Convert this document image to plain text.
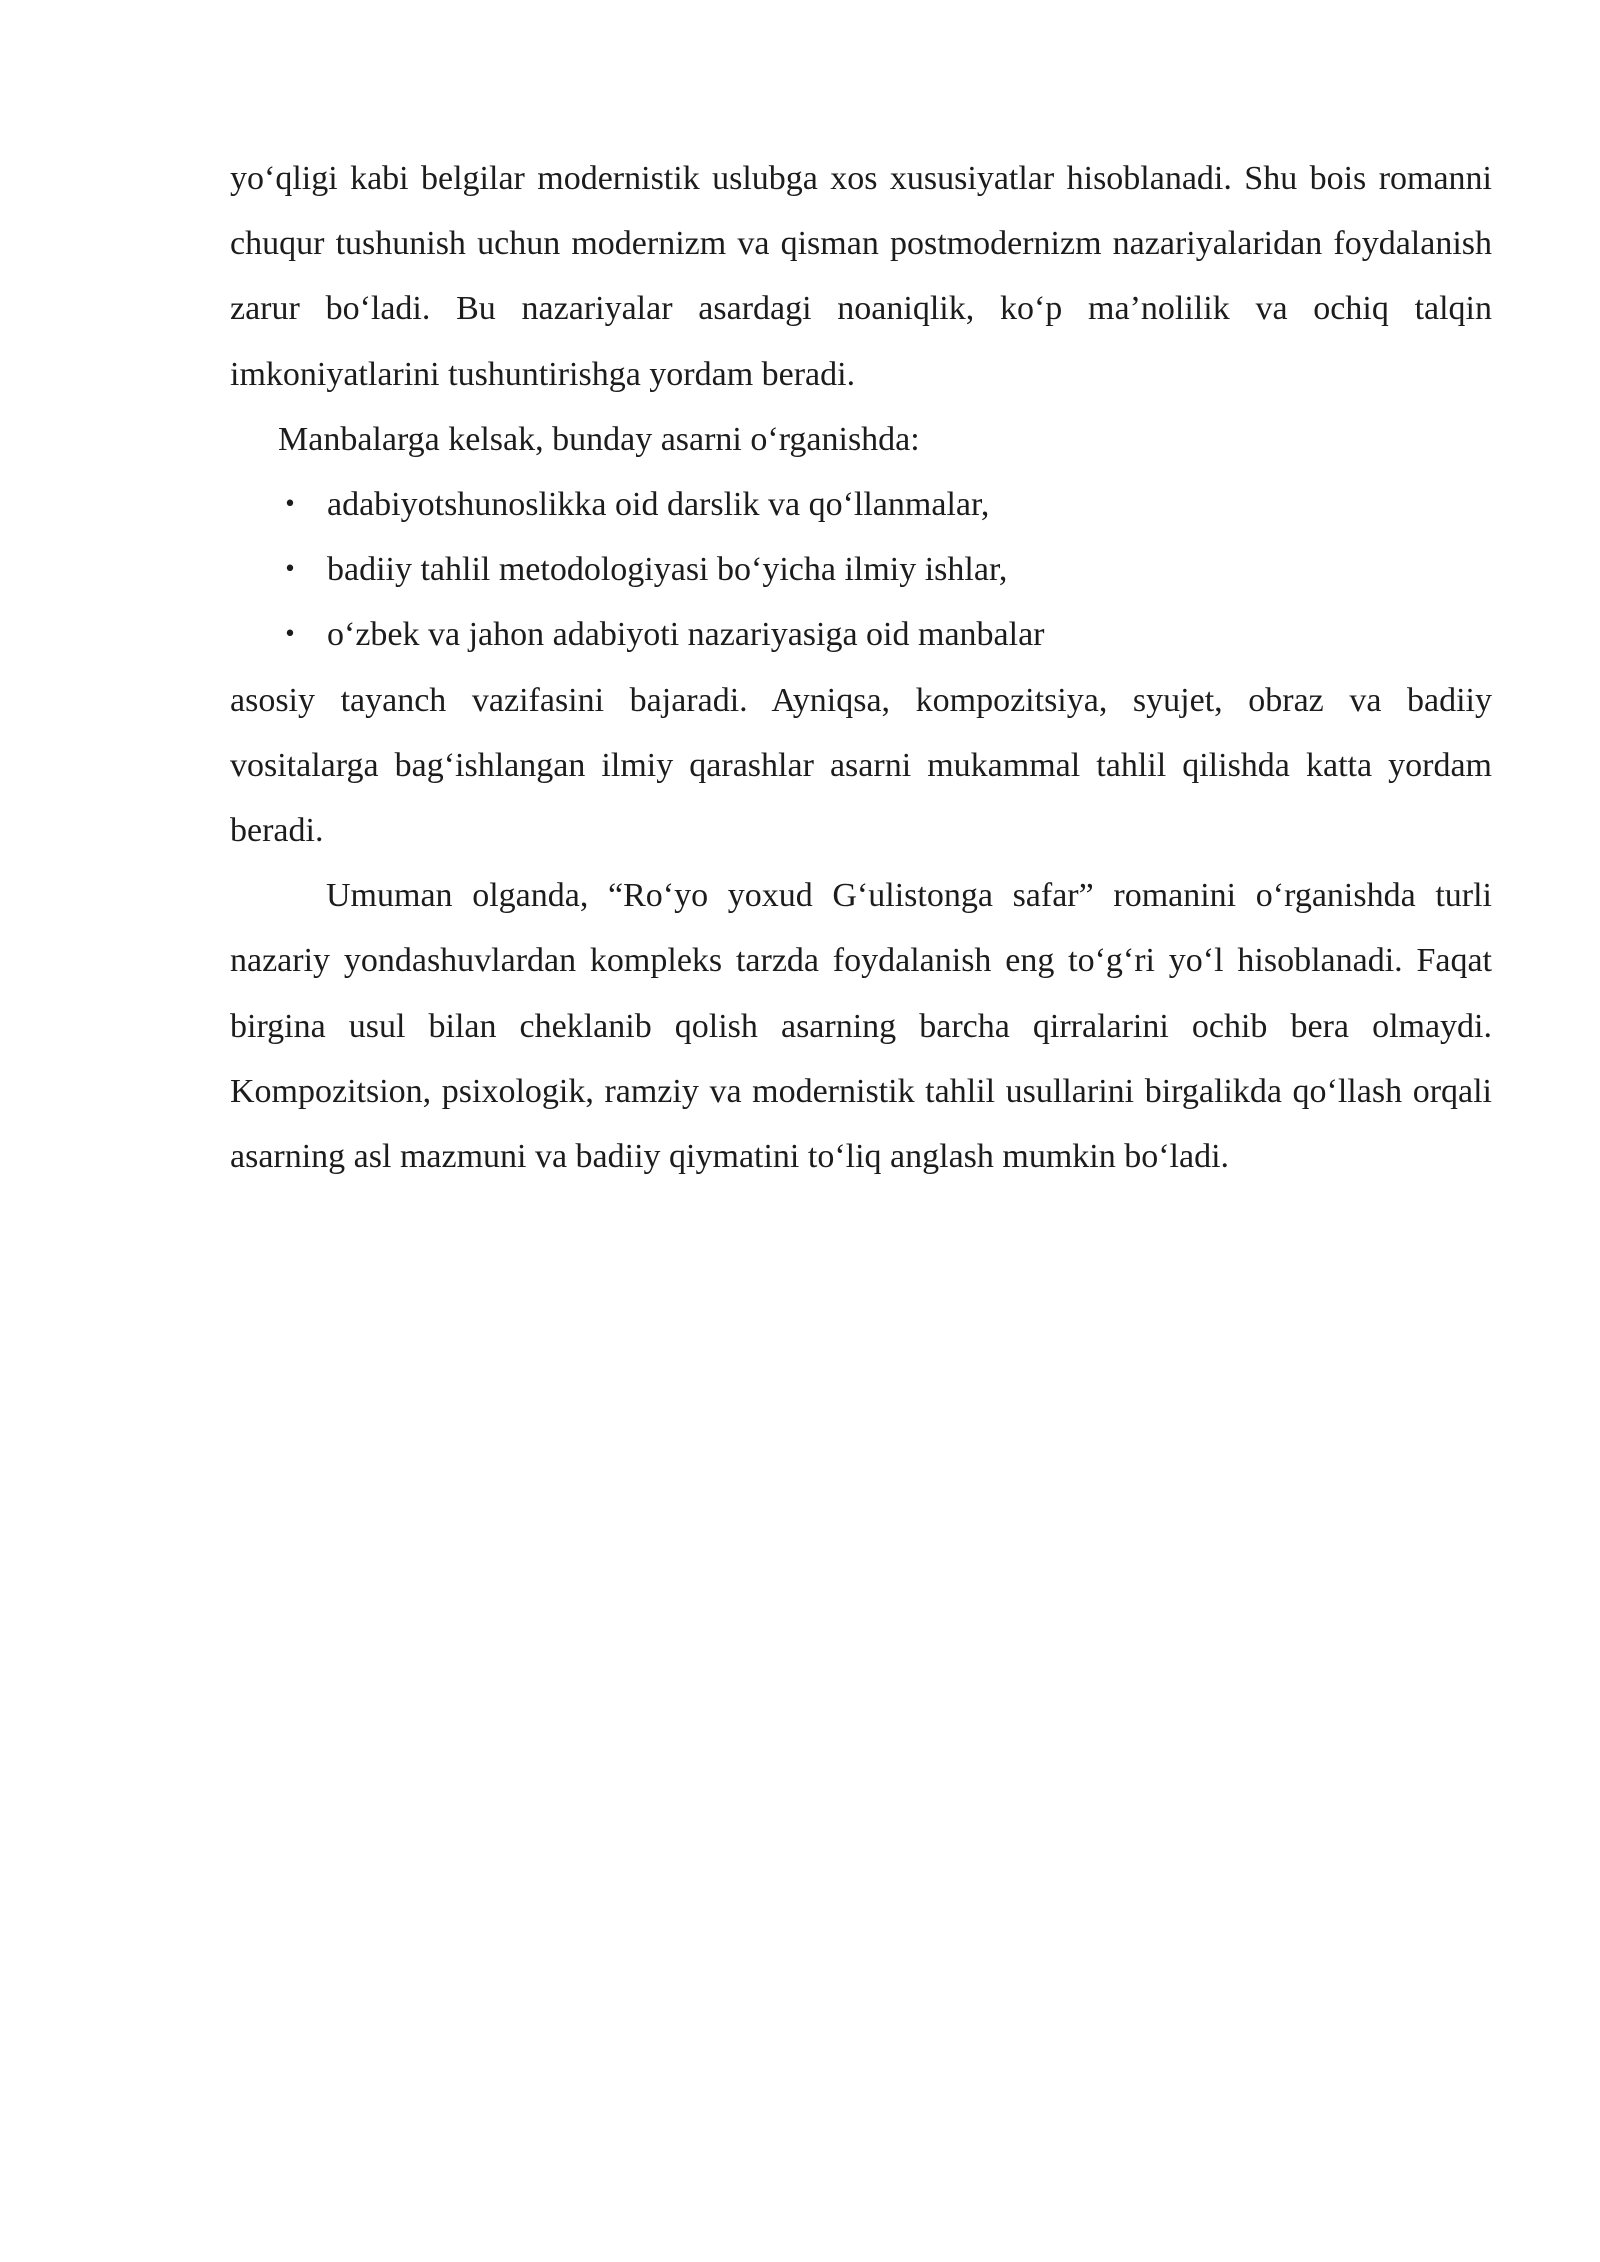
yo‘qligi kabi belgilar modernistik uslubga xos xususiyatlar hisoblanadi. Shu bois romanni chuqur tushunish uchun modernizm va qisman postmodernizm nazariyalaridan foydalanish zarur bo‘ladi. Bu nazariyalar asardagi noaniqlik, ko‘p ma’nolilik va ochiq talqin imkoniyatlarini tushuntirishga yordam beradi.

Manbalarga kelsak, bunday asarni o‘rganishda:

• adabiyotshunoslikka oid darslik va qo‘llanmalar,
• badiiy tahlil metodologiyasi bo‘yicha ilmiy ishlar,
• o‘zbek va jahon adabiyoti nazariyasiga oid manbalar

asosiy tayanch vazifasini bajaradi. Ayniqsa, kompozitsiya, syujet, obraz va badiiy vositalarga bag‘ishlangan ilmiy qarashlar asarni mukammal tahlil qilishda katta yordam beradi.

Umuman olganda, “Ro‘yo yoxud G‘ulistonga safar” romanini o‘rganishda turli nazariy yondashuvlardan kompleks tarzda foydalanish eng to‘g‘ri yo‘l hisoblanadi. Faqat birgina usul bilan cheklanib qolish asarning barcha qirralarini ochib bera olmaydi. Kompozitsion, psixologik, ramziy va modernistik tahlil usullarini birgalikda qo‘llash orqali asarning asl mazmuni va badiiy qiymatini to‘liq anglash mumkin bo‘ladi.
